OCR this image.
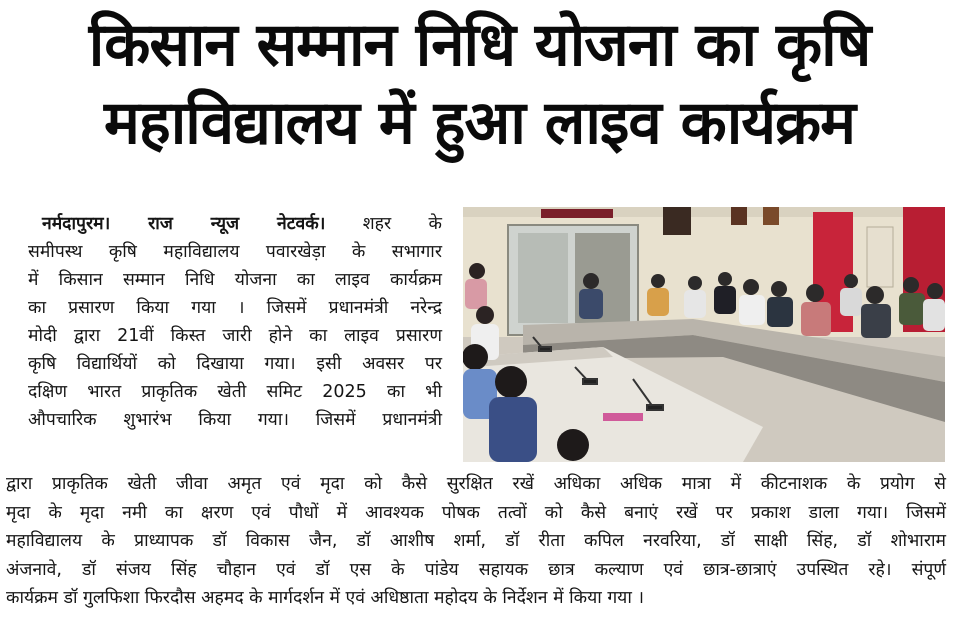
किसान सम्मान निधि योजना का कृषि
महाविद्यालय में हुआ लाइव कार्यक्रम
नर्मदापुरम। राज न्यूज नेटवर्क। शहर के
समीपस्थ कृषि महाविद्यालय पवारखेड़ा के सभागार
में किसान सम्मान निधि योजना का लाइव कार्यक्रम
का प्रसारण किया गया । जिसमें प्रधानमंत्री नरेन्द्र
मोदी द्वारा 21वीं किस्त जारी होने का लाइव प्रसारण
कृषि विद्यार्थियों को दिखाया गया। इसी अवसर पर
दक्षिण भारत प्राकृतिक खेती समिट 2025 का भी
औपचारिक शुभारंभ किया गया। जिसमें प्रधानमंत्री
द्वारा प्राकृतिक खेती जीवा अमृत एवं मृदा को कैसे सुरक्षित रखें अधिका अधिक मात्रा में कीटनाशक के प्रयोग से
मृदा के मृदा नमी का क्षरण एवं पौधों में आवश्यक पोषक तत्वों को कैसे बनाएं रखें पर प्रकाश डाला गया। जिसमें
महाविद्यालय के प्राध्यापक डॉ विकास जैन, डॉ आशीष शर्मा, डॉ रीता कपिल नरवरिया, डॉ साक्षी सिंह, डॉ शोभाराम
अंजनावे, डॉ संजय सिंह चौहान एवं डॉ एस के पांडेय सहायक छात्र कल्याण एवं छात्र-छात्राएं उपस्थित रहे। संपूर्ण
कार्यक्रम डॉ गुलफिशा फिरदौस अहमद के मार्गदर्शन में एवं अधिष्ठाता महोदय के निर्देशन में किया गया ।
